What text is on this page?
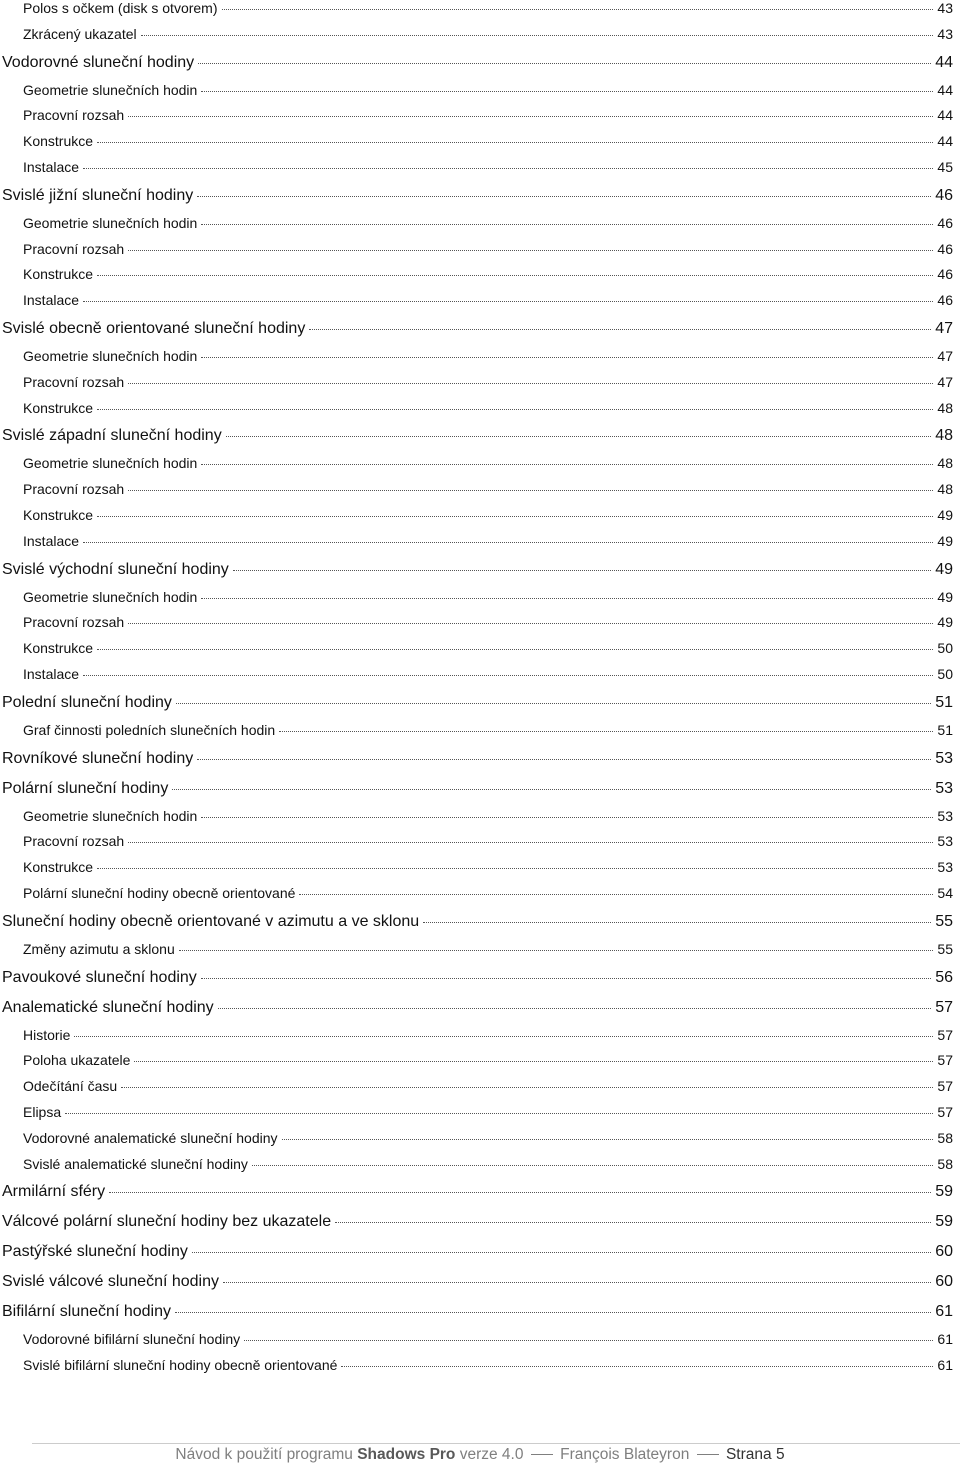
Polos s očkem (disk s otvorem)	43
Zkrácený ukazatel	43
Vodorovné sluneční hodiny	44
Geometrie slunečních hodin	44
Pracovní rozsah	44
Konstrukce	44
Instalace	45
Svislé jižní sluneční hodiny	46
Geometrie slunečních hodin	46
Pracovní rozsah	46
Konstrukce	46
Instalace	46
Svislé obecně orientované sluneční hodiny	47
Geometrie slunečních hodin	47
Pracovní rozsah	47
Konstrukce	48
Svislé západní sluneční hodiny	48
Geometrie slunečních hodin	48
Pracovní rozsah	48
Konstrukce	49
Instalace	49
Svislé východní sluneční hodiny	49
Geometrie slunečních hodin	49
Pracovní rozsah	49
Konstrukce	50
Instalace	50
Polední sluneční hodiny	51
Graf činnosti poledních slunečních hodin	51
Rovníkové sluneční hodiny	53
Polární sluneční hodiny	53
Geometrie slunečních hodin	53
Pracovní rozsah	53
Konstrukce	53
Polární sluneční hodiny obecně orientované	54
Sluneční hodiny obecně orientované v azimutu a ve sklonu	55
Změny azimutu a sklonu	55
Pavoukové sluneční hodiny	56
Analematické sluneční hodiny	57
Historie	57
Poloha ukazatele	57
Odečítání času	57
Elipsa	57
Vodorovné analematické sluneční hodiny	58
Svislé analematické sluneční hodiny	58
Armilární sféry	59
Válcové polární sluneční hodiny bez ukazatele	59
Pastýřské sluneční hodiny	60
Svislé válcové sluneční hodiny	60
Bifilární sluneční hodiny	61
Vodorovné bifilární sluneční hodiny	61
Svislé bifilární sluneční hodiny obecně orientované	61
Návod k použití programu Shadows Pro verze 4.0 François Blateyron Strana 5
